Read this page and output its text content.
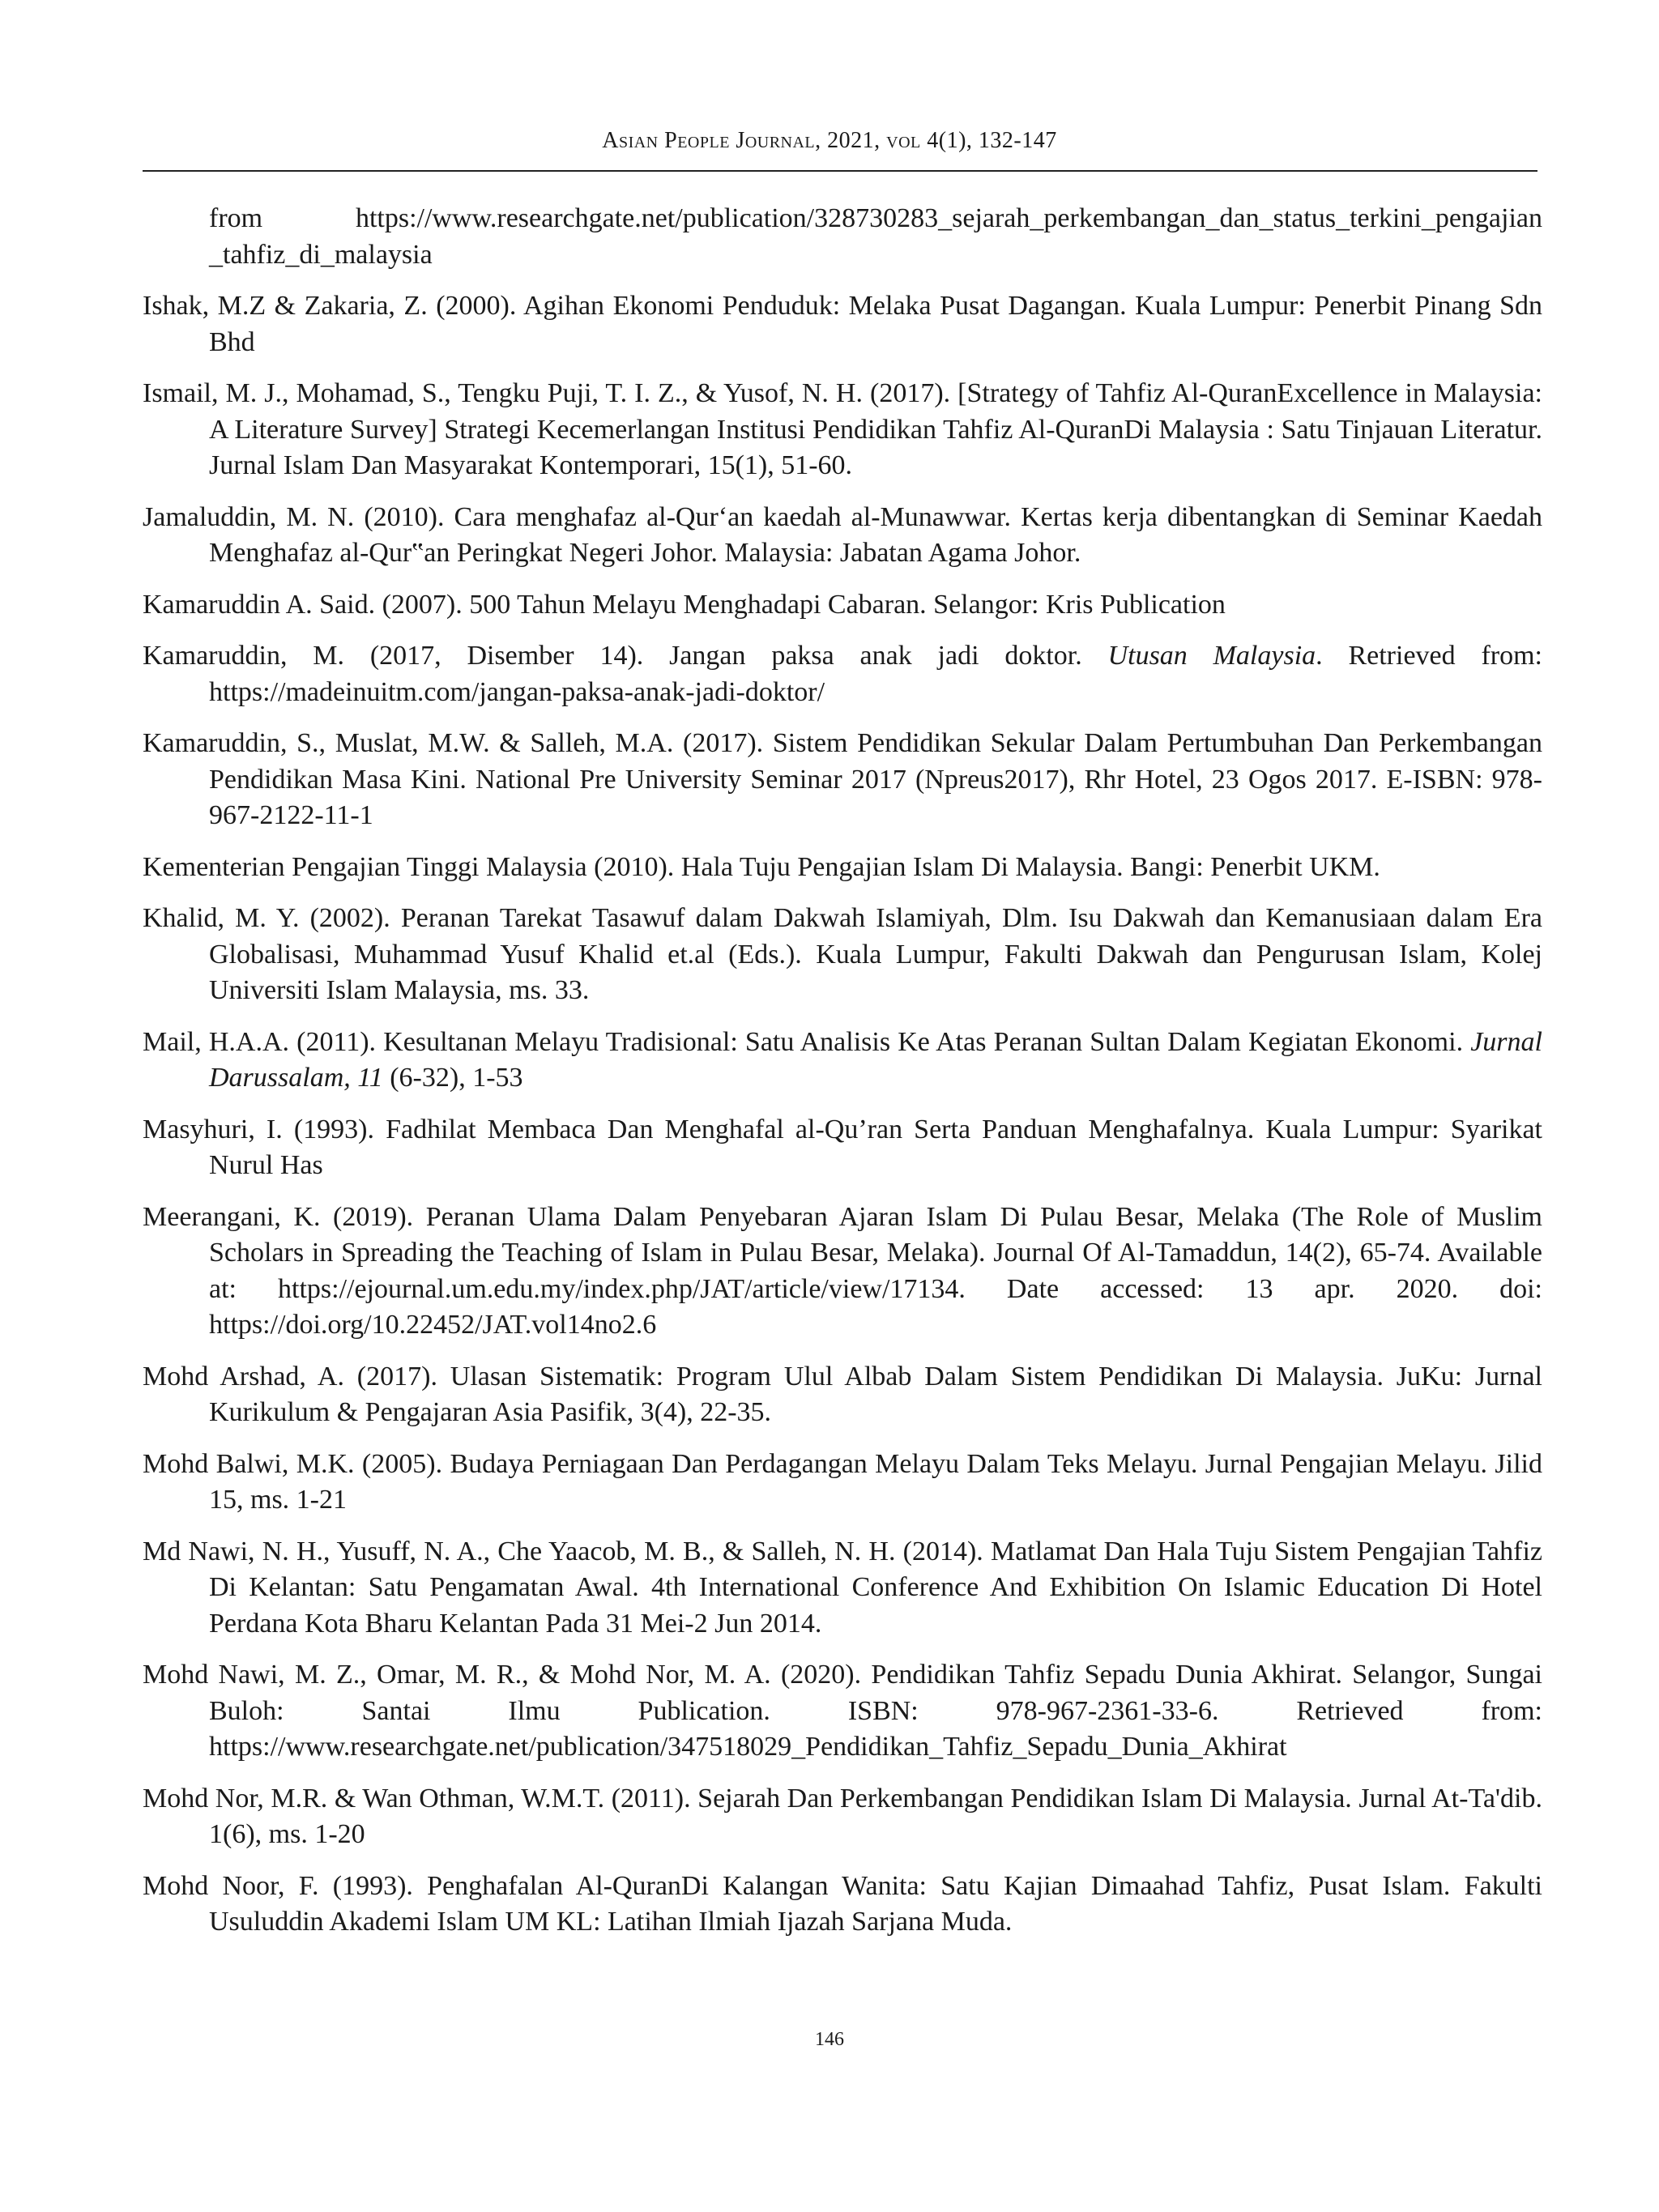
Asian People Journal, 2021, vol 4(1), 132-147

from https://www.researchgate.net/publication/328730283_sejarah_perkembangan_dan_status_terkini_pengajian _tahfiz_di_malaysia

Ishak, M.Z & Zakaria, Z. (2000). Agihan Ekonomi Penduduk: Melaka Pusat Dagangan. Kuala Lumpur: Penerbit Pinang Sdn Bhd

Ismail, M. J., Mohamad, S., Tengku Puji, T. I. Z., & Yusof, N. H. (2017). [Strategy of Tahfiz Al-QuranExcellence in Malaysia: A Literature Survey] Strategi Kecemerlangan Institusi Pendidikan Tahfiz Al-QuranDi Malaysia : Satu Tinjauan Literatur. Jurnal Islam Dan Masyarakat Kontemporari, 15(1), 51-60.

Jamaluddin, M. N. (2010). Cara menghafaz al-Qur‘an kaedah al-Munawwar. Kertas kerja dibentangkan di Seminar Kaedah Menghafaz al-Qur‟an Peringkat Negeri Johor. Malaysia: Jabatan Agama Johor.

Kamaruddin A. Said. (2007). 500 Tahun Melayu Menghadapi Cabaran. Selangor: Kris Publication

Kamaruddin, M. (2017, Disember 14). Jangan paksa anak jadi doktor. Utusan Malaysia. Retrieved from: https://madeinuitm.com/jangan-paksa-anak-jadi-doktor/

Kamaruddin, S., Muslat, M.W. & Salleh, M.A. (2017). Sistem Pendidikan Sekular Dalam Pertumbuhan Dan Perkembangan Pendidikan Masa Kini. National Pre University Seminar 2017 (Npreus2017), Rhr Hotel, 23 Ogos 2017. E-ISBN: 978-967-2122-11-1

Kementerian Pengajian Tinggi Malaysia (2010). Hala Tuju Pengajian Islam Di Malaysia. Bangi: Penerbit UKM.

Khalid, M. Y. (2002). Peranan Tarekat Tasawuf dalam Dakwah Islamiyah, Dlm. Isu Dakwah dan Kemanusiaan dalam Era Globalisasi, Muhammad Yusuf Khalid et.al (Eds.). Kuala Lumpur, Fakulti Dakwah dan Pengurusan Islam, Kolej Universiti Islam Malaysia, ms. 33.

Mail, H.A.A. (2011). Kesultanan Melayu Tradisional: Satu Analisis Ke Atas Peranan Sultan Dalam Kegiatan Ekonomi. Jurnal Darussalam, 11 (6-32), 1-53

Masyhuri, I. (1993). Fadhilat Membaca Dan Menghafal al-Qu’ran Serta Panduan Menghafalnya. Kuala Lumpur: Syarikat Nurul Has

Meerangani, K. (2019). Peranan Ulama Dalam Penyebaran Ajaran Islam Di Pulau Besar, Melaka (The Role of Muslim Scholars in Spreading the Teaching of Islam in Pulau Besar, Melaka). Journal Of Al-Tamaddun, 14(2), 65-74. Available at: https://ejournal.um.edu.my/index.php/JAT/article/view/17134. Date accessed: 13 apr. 2020. doi: https://doi.org/10.22452/JAT.vol14no2.6

Mohd Arshad, A. (2017). Ulasan Sistematik: Program Ulul Albab Dalam Sistem Pendidikan Di Malaysia. JuKu: Jurnal Kurikulum & Pengajaran Asia Pasifik, 3(4), 22-35.

Mohd Balwi, M.K. (2005). Budaya Perniagaan Dan Perdagangan Melayu Dalam Teks Melayu. Jurnal Pengajian Melayu. Jilid 15, ms. 1-21

Md Nawi, N. H., Yusuff, N. A., Che Yaacob, M. B., & Salleh, N. H. (2014). Matlamat Dan Hala Tuju Sistem Pengajian Tahfiz Di Kelantan: Satu Pengamatan Awal. 4th International Conference And Exhibition On Islamic Education Di Hotel Perdana Kota Bharu Kelantan Pada 31 Mei-2 Jun 2014.

Mohd Nawi, M. Z., Omar, M. R., & Mohd Nor, M. A. (2020). Pendidikan Tahfiz Sepadu Dunia Akhirat. Selangor, Sungai Buloh: Santai Ilmu Publication. ISBN: 978-967-2361-33-6. Retrieved from: https://www.researchgate.net/publication/347518029_Pendidikan_Tahfiz_Sepadu_Dunia_Akhirat

Mohd Nor, M.R. & Wan Othman, W.M.T. (2011). Sejarah Dan Perkembangan Pendidikan Islam Di Malaysia. Jurnal At-Ta'dib. 1(6), ms. 1-20

Mohd Noor, F. (1993). Penghafalan Al-QuranDi Kalangan Wanita: Satu Kajian Dimaahad Tahfiz, Pusat Islam. Fakulti Usuluddin Akademi Islam UM KL: Latihan Ilmiah Ijazah Sarjana Muda.

146
